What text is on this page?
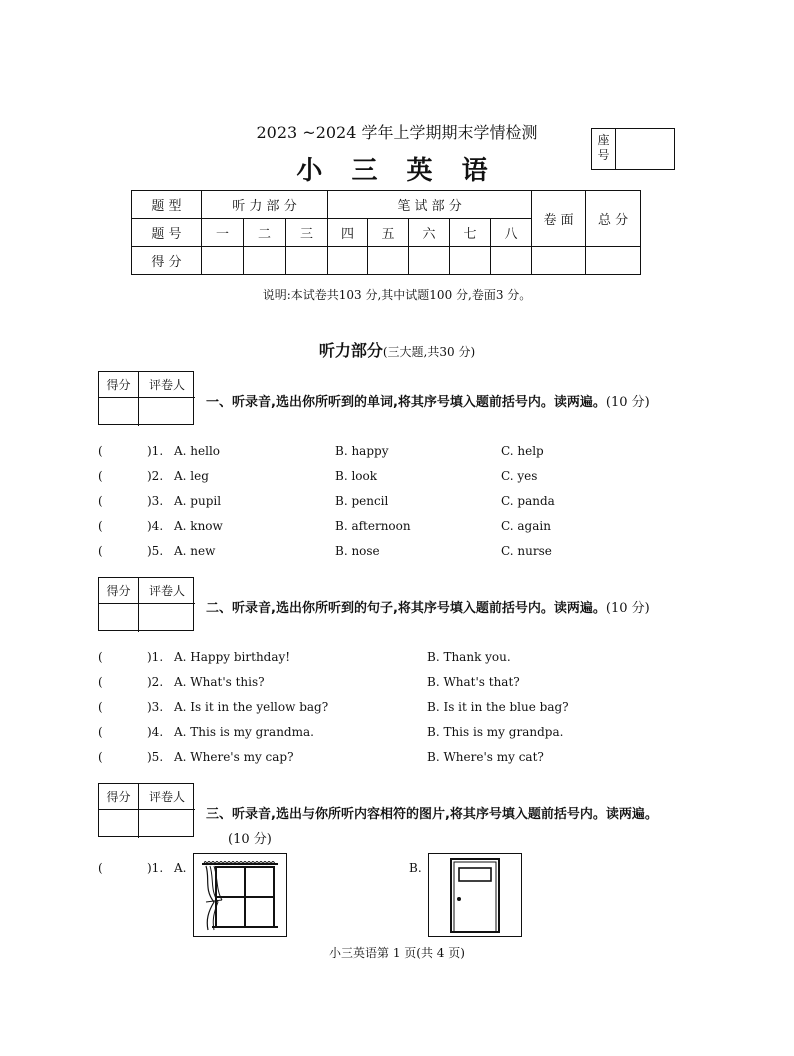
2023 ~2024 学年上学期期末学情检测
小 三 英 语
座号
题 型	听 力 部 分			笔 试 部 分					卷 面	总 分
题 号	一	二	三	四	五	六	七	八		
得 分										
说明:本试卷共103 分,其中试题100 分,卷面3 分。
听力部分(三大题,共30 分)
得分	评卷人
一、听录音,选出你所听到的单词,将其序号填入题前括号内。读两遍。(10 分)
(	)1. A. hello	B. happy	C. help
(	)2. A. leg	B. look	C. yes
(	)3. A. pupil	B. pencil	C. panda
(	)4. A. know	B. afternoon	C. again
(	)5. A. new	B. nose	C. nurse
得分	评卷人
二、听录音,选出你所听到的句子,将其序号填入题前括号内。读两遍。(10 分)
(	)1. A. Happy birthday!	B. Thank you.
(	)2. A. What's this?	B. What's that?
(	)3. A. Is it in the yellow bag?	B. Is it in the blue bag?
(	)4. A. This is my grandma.	B. This is my grandpa.
(	)5. A. Where's my cap?	B. Where's my cat?
得分	评卷人
三、听录音,选出与你所听内容相符的图片,将其序号填入题前括号内。读两遍。
(10 分)
(	)1. A.	B.
小三英语第 1 页(共 4 页)
